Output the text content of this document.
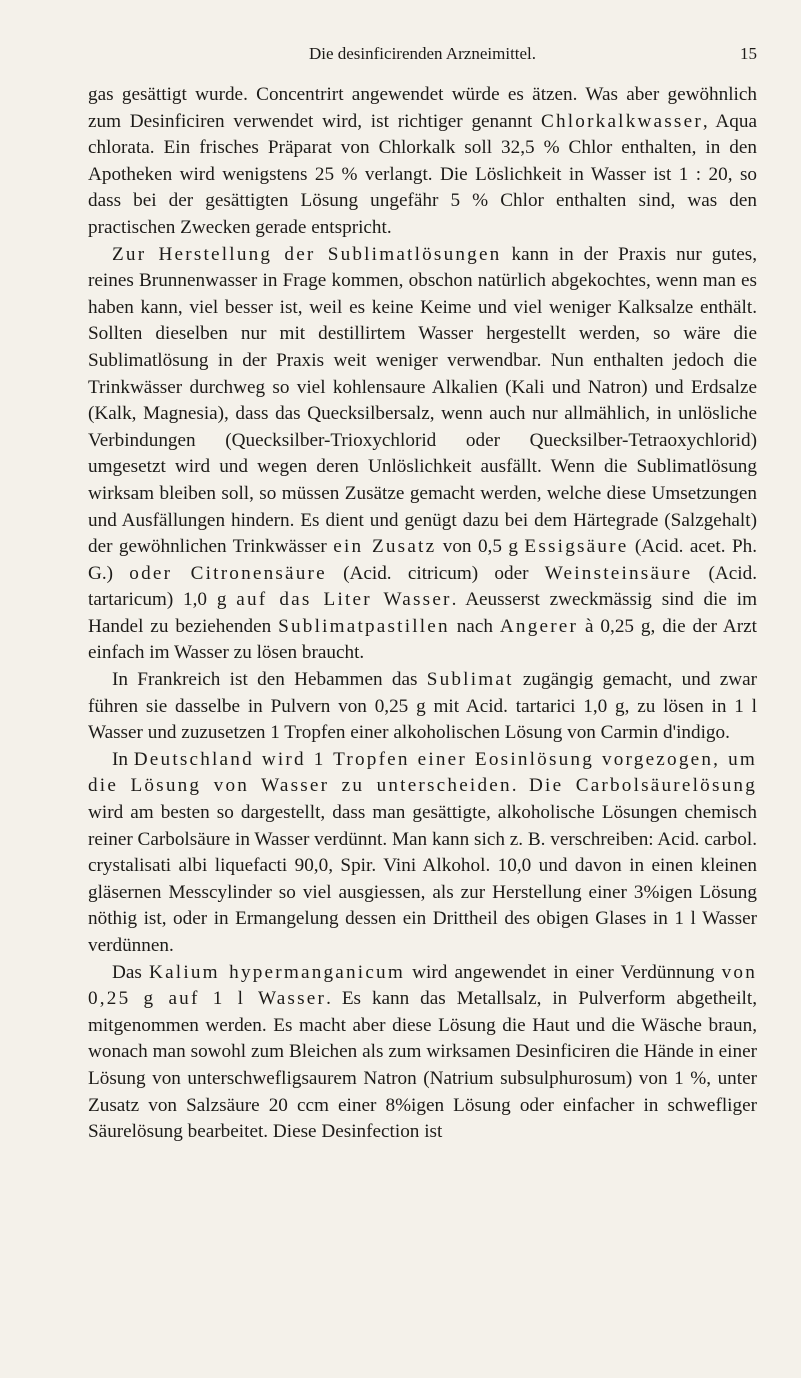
Die desinficirenden Arzneimittel.	15

gas gesättigt wurde. Concentrirt angewendet würde es ätzen. Was aber gewöhnlich zum Desinficiren verwendet wird, ist richtiger genannt Chlorkalkwasser, Aqua chlorata. Ein frisches Präparat von Chlorkalk soll 32,5 % Chlor enthalten, in den Apotheken wird wenigstens 25 % verlangt. Die Löslichkeit in Wasser ist 1 : 20, so dass bei der gesättigten Lösung ungefähr 5 % Chlor enthalten sind, was den practischen Zwecken gerade entspricht.

Zur Herstellung der Sublimatlösungen kann in der Praxis nur gutes, reines Brunnenwasser in Frage kommen, obschon natürlich abgekochtes, wenn man es haben kann, viel besser ist, weil es keine Keime und viel weniger Kalksalze enthält. Sollten dieselben nur mit destillirtem Wasser hergestellt werden, so wäre die Sublimatlösung in der Praxis weit weniger verwendbar. Nun enthalten jedoch die Trinkwässer durchweg so viel kohlensaure Alkalien (Kali und Natron) und Erdsalze (Kalk, Magnesia), dass das Quecksilbersalz, wenn auch nur allmählich, in unlösliche Verbindungen (Quecksilber-Trioxychlorid oder Quecksilber-Tetraoxychlorid) umgesetzt wird und wegen deren Unlöslichkeit ausfällt. Wenn die Sublimatlösung wirksam bleiben soll, so müssen Zusätze gemacht werden, welche diese Umsetzungen und Ausfällungen hindern. Es dient und genügt dazu bei dem Härtegrade (Salzgehalt) der gewöhnlichen Trinkwässer ein Zusatz von 0,5 g Essigsäure (Acid. acet. Ph. G.) oder Citronensäure (Acid. citricum) oder Weinsteinsäure (Acid. tartaricum) 1,0 g auf das Liter Wasser. Aeusserst zweckmässig sind die im Handel zu beziehenden Sublimatpastillen nach Angerer à 0,25 g, die der Arzt einfach im Wasser zu lösen braucht.

In Frankreich ist den Hebammen das Sublimat zugängig gemacht, und zwar führen sie dasselbe in Pulvern von 0,25 g mit Acid. tartarici 1,0 g, zu lösen in 1 l Wasser und zuzusetzen 1 Tropfen einer alkoholischen Lösung von Carmin d'indigo.

In Deutschland wird 1 Tropfen einer Eosinlösung vorgezogen, um die Lösung von Wasser zu unterscheiden. Die Carbolsäurelösung wird am besten so dargestellt, dass man gesättigte, alkoholische Lösungen chemisch reiner Carbolsäure in Wasser verdünnt. Man kann sich z. B. verschreiben: Acid. carbol. crystalisati albi liquefacti 90,0, Spir. Vini Alkohol. 10,0 und davon in einen kleinen gläsernen Messcylinder so viel ausgiessen, als zur Herstellung einer 3%igen Lösung nöthig ist, oder in Ermangelung dessen ein Drittheil des obigen Glases in 1 l Wasser verdünnen.

Das Kalium hypermanganicum wird angewendet in einer Verdünnung von 0,25 g auf 1 l Wasser. Es kann das Metallsalz, in Pulverform abgetheilt, mitgenommen werden. Es macht aber diese Lösung die Haut und die Wäsche braun, wonach man sowohl zum Bleichen als zum wirksamen Desinficiren die Hände in einer Lösung von unterschwefligsaurem Natron (Natrium subsulphurosum) von 1 %, unter Zusatz von Salzsäure 20 ccm einer 8%igen Lösung oder einfacher in schwefliger Säurelösung bearbeitet. Diese Desinfection ist
